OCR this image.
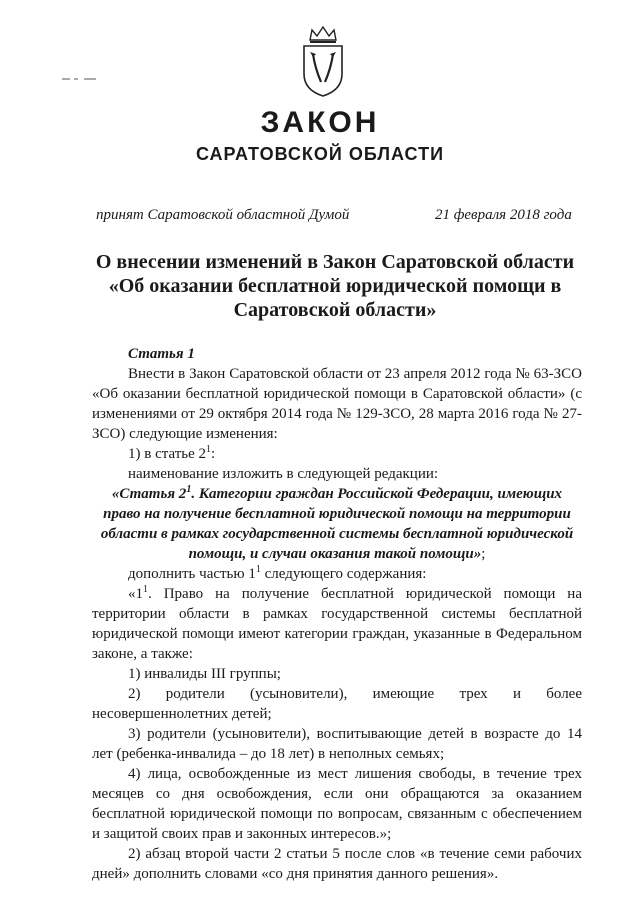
ЗАКОН
САРАТОВСКОЙ ОБЛАСТИ
принят Саратовской областной Думой	21 февраля 2018 года
О внесении изменений в Закон Саратовской области
«Об оказании бесплатной юридической помощи в
Саратовской области»

Статья 1

Внести в Закон Саратовской области от 23 апреля 2012 года № 63-ЗСО «Об оказании бесплатной юридической помощи в Саратовской области» (с изменениями от 29 октября 2014 года № 129-ЗСО, 28 марта 2016 года № 27-ЗСО) следующие изменения:

1) в статье $2^1$:

наименование изложить в следующей редакции:

«Статья $2^1$. Категории граждан Российской Федерации, имеющих право на получение бесплатной юридической помощи на территории области в рамках государственной системы бесплатной юридической помощи, и случаи оказания такой помощи»;

дополнить частью $1^1$ следующего содержания:

«$1^1$. Право на получение бесплатной юридической помощи на территории области в рамках государственной системы бесплатной юридической помощи имеют категории граждан, указанные в Федеральном законе, а также:

1) инвалиды III группы;

2) родители (усыновители), имеющие трех и более несовершеннолетних детей;

3) родители (усыновители), воспитывающие детей в возрасте до 14 лет (ребенка-инвалида – до 18 лет) в неполных семьях;

4) лица, освобожденные из мест лишения свободы, в течение трех месяцев со дня освобождения, если они обращаются за оказанием бесплатной юридической помощи по вопросам, связанным с обеспечением и защитой своих прав и законных интересов.»;

2) абзац второй части 2 статьи 5 после слов «в течение семи рабочих дней» дополнить словами «со дня принятия данного решения».
